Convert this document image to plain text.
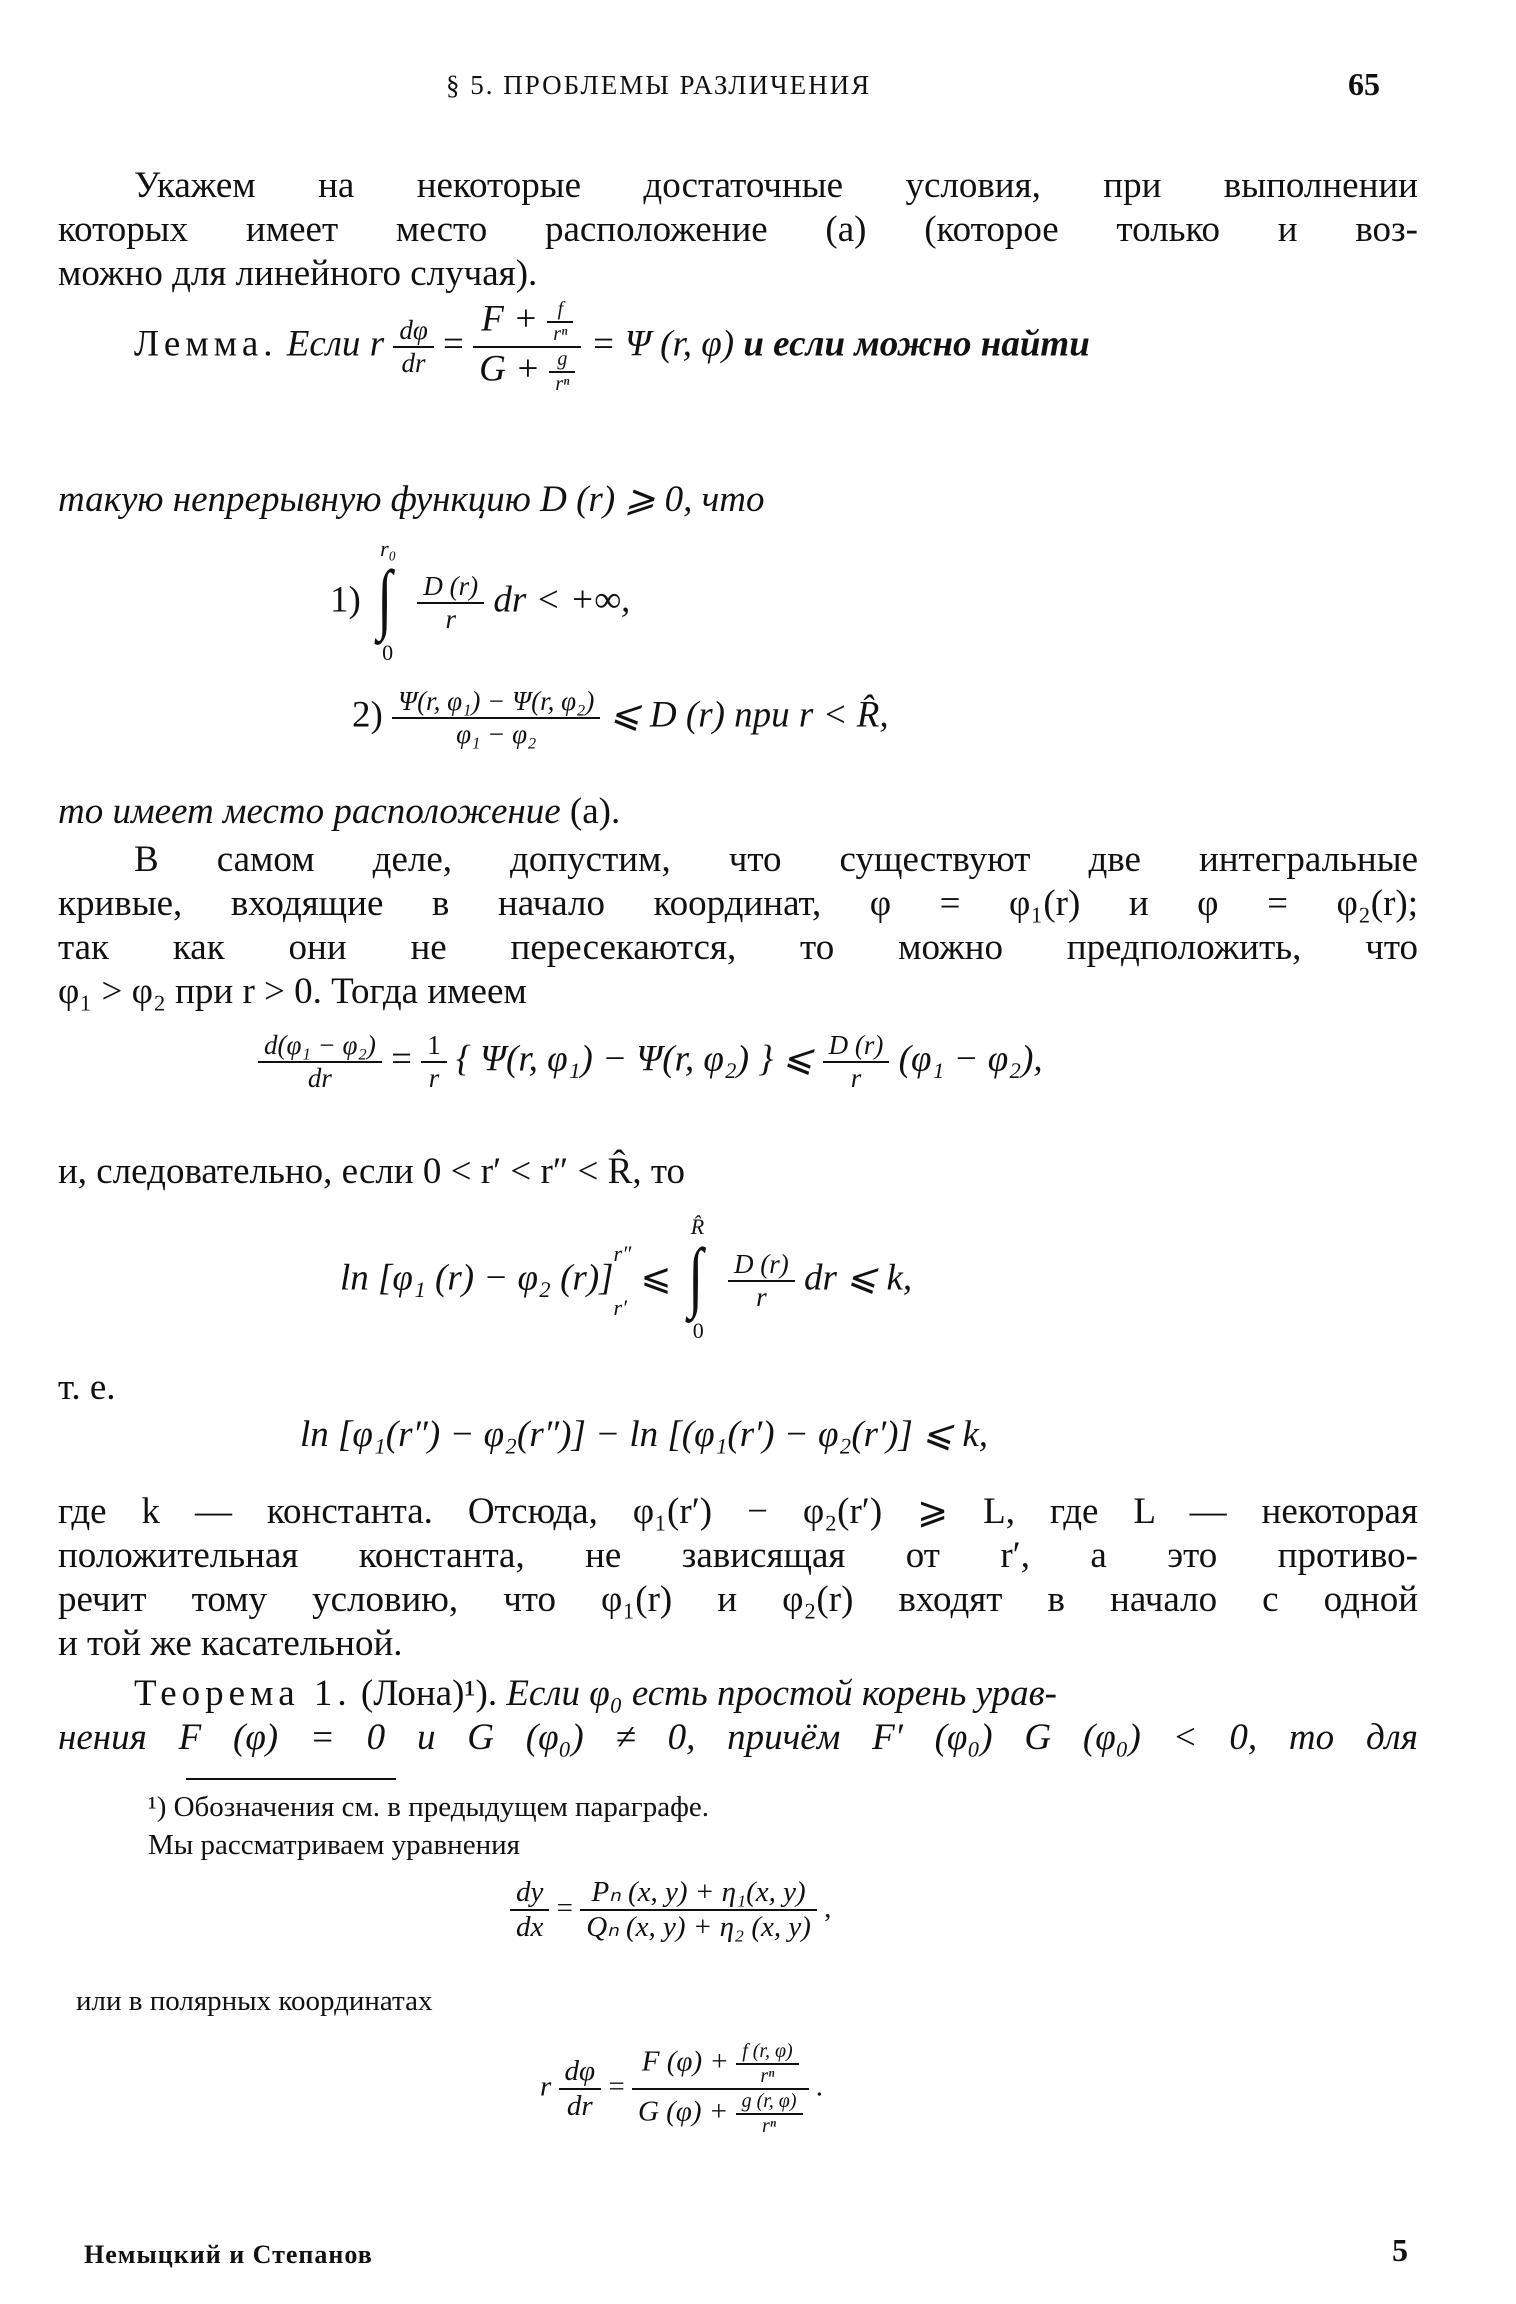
§ 5. ПРОБЛЕМЫ РАЗЛИЧЕНИЯ	65
Укажем на некоторые достаточные условия, при выполнении
которых имеет место расположение (а) (которое только и воз-
можно для линейного случая).
Лемма. Если r $\frac{d\varphi}{dr} = \frac{F + \frac{f}{\text{rⁿ}}}{G + \frac{g}{\text{rⁿ}}} = \Psi$ (r, φ) и если можно найти
такую непрерывную функцию D (r) ⩾ 0, что
1) ∫
r₀
0

$\frac{D (r)}{r}$ dr < +∞,
$2) \frac{\text{Ψ(r, φ₁) − Ψ(r, φ₂)}}{\text{φ₁ − φ₂}}$ ⩽ D (r) при r < R̂,
то имеет место расположение (а).
В самом деле, допустим, что существуют две интегральные
кривые, входящие в начало координат, φ = φ₁(r) и φ = φ₂(r);
так как они не пересекаются, то можно предположить, что
φ₁ > φ₂ при r > 0. Тогда имеем
$\frac{\text{d(φ₁ − φ₂)}}{dr} = \frac{1}{r}$ { Ψ(r, φ₁) − Ψ(r, φ₂) } ⩽ $\frac{D (r)}{r} (\varphi_1 - \varphi_2)$,
и, следовательно, если 0 < r′ < r″ < R̂, то
ln [φ₁ (r) − φ₂ (r)]
r″
r′
⩽ ∫
R̂
0

$\frac{D (r)}{r}$ dr ⩽ k,
т. е.
ln [φ₁(r″) − φ₂(r″)] − ln [(φ₁(r′) − φ₂(r′)] ⩽ k,
где k — константа. Отсюда, φ₁(r′) − φ₂(r′) ⩾ L, где L — некоторая
положительная константа, не зависящая от r′, а это противо-
речит тому условию, что φ₁(r) и φ₂(r) входят в начало с одной
и той же касательной.
Теорема 1. (Лона)¹). Если φ₀ есть простой корень урав-
нения F (φ) = 0 и G (φ₀) ≠ 0, причём F′ (φ₀) G (φ₀) < 0, то для
¹) Обозначения см. в предыдущем параграфе.
Мы рассматриваем уравнения
$\frac{dy}{dx} = \frac{\text{Pₙ (x, y) + η₁(x, y)}}{\text{Qₙ (x, y) + η₂ (x, y)}}$ ,
или в полярных координатах
r $\frac{d\varphi}{dr} = \frac{F (\varphi) + \frac{f (r, \varphi)}{\text{rⁿ}}}{G (\varphi) + \frac{g (r, \varphi)}{\text{rⁿ}}}$ .
Немыцкий и Степанов	5
